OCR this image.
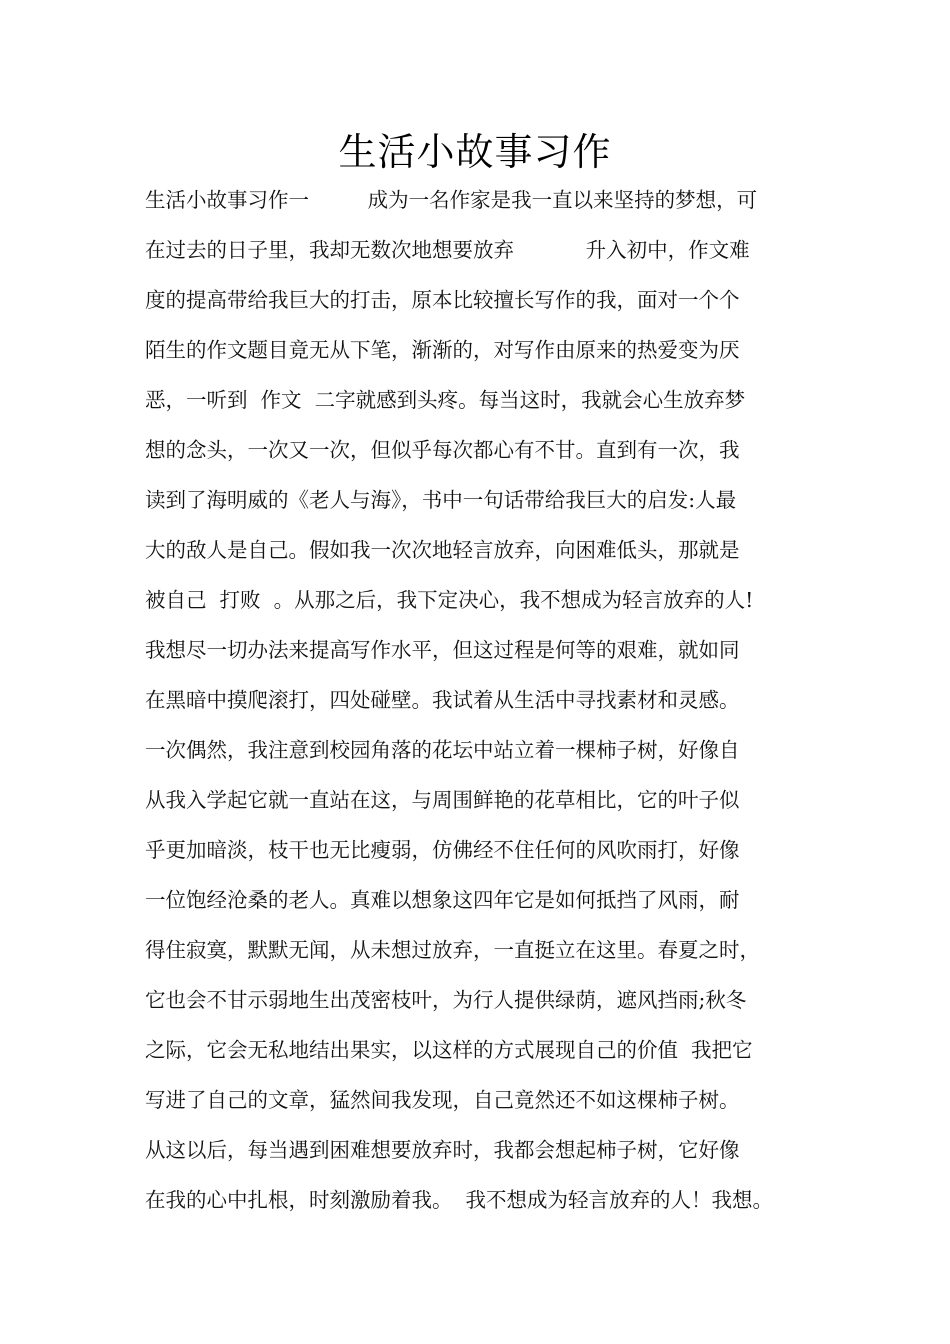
生活小故事习作
生活小故事习作一         成为一名作家是我一直以来坚持的梦想，可
在过去的日子里，我却无数次地想要放弃           升入初中，作文难
度的提高带给我巨大的打击，原本比较擅长写作的我，面对一个个
陌生的作文题目竟无从下笔，渐渐的，对写作由原来的热爱变为厌
恶，一听到  作文  二字就感到头疼。每当这时，我就会心生放弃梦
想的念头，一次又一次，但似乎每次都心有不甘。直到有一次，我
读到了海明威的《老人与海》，书中一句话带给我巨大的启发:人最
大的敌人是自己。假如我一次次地轻言放弃，向困难低头，那就是
被自己  打败  。从那之后，我下定决心，我不想成为轻言放弃的人!
我想尽一切办法来提高写作水平，但这过程是何等的艰难，就如同
在黑暗中摸爬滚打，四处碰壁。我试着从生活中寻找素材和灵感。
一次偶然，我注意到校园角落的花坛中站立着一棵柿子树，好像自
从我入学起它就一直站在这，与周围鲜艳的花草相比，它的叶子似
乎更加暗淡，枝干也无比瘦弱，仿佛经不住任何的风吹雨打，好像
一位饱经沧桑的老人。真难以想象这四年它是如何抵挡了风雨，耐
得住寂寞，默默无闻，从未想过放弃，一直挺立在这里。春夏之时，
它也会不甘示弱地生出茂密枝叶，为行人提供绿荫，遮风挡雨;秋冬
之际，它会无私地结出果实，以这样的方式展现自己的价值  我把它
写进了自己的文章，猛然间我发现，自己竟然还不如这棵柿子树。
从这以后，每当遇到困难想要放弃时，我都会想起柿子树，它好像
在我的心中扎根，时刻激励着我。  我不想成为轻言放弃的人！我想。
